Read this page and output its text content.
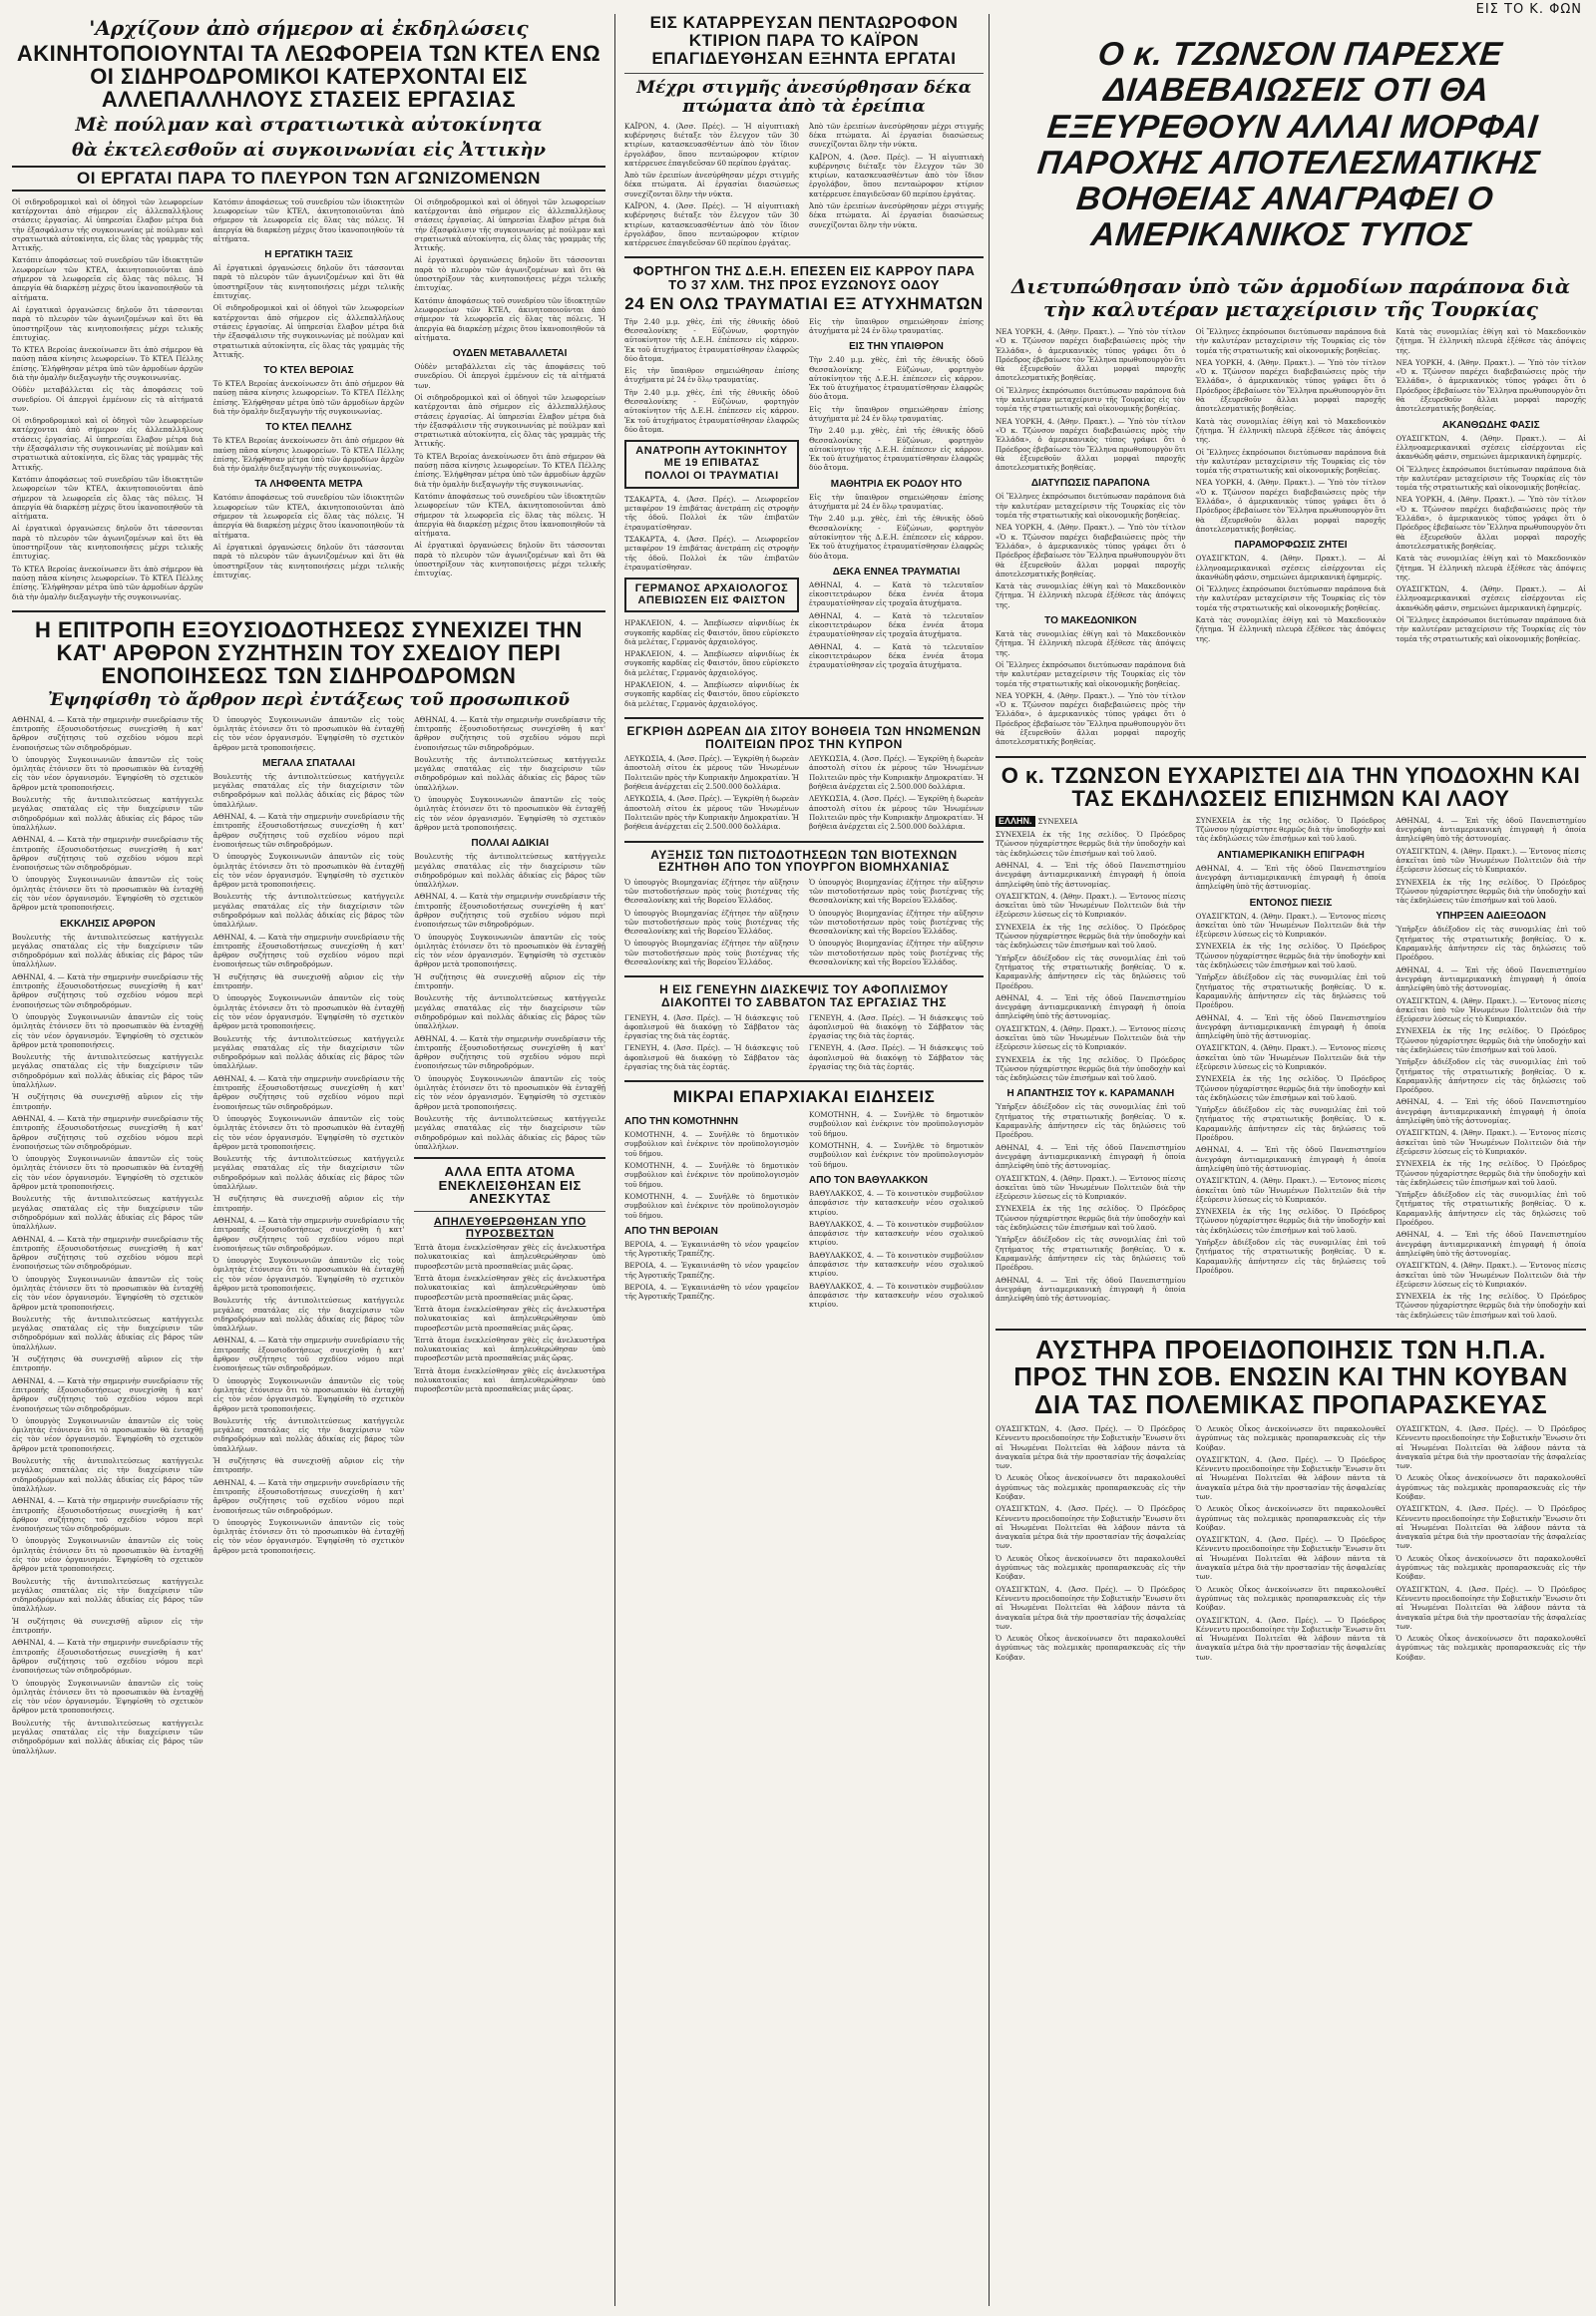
ΕΙΣ ΤΟ Κ. ΦΩΝ
'Αρχίζουν ἀπὸ σήμερον αἱ ἐκδηλώσεις
ΑΚΙΝΗΤΟΠΟΙΟΥΝΤΑΙ ΤΑ ΛΕΩΦΟΡΕΙΑ ΤΩΝ ΚΤΕΛ ΕΝΩ ΟΙ ΣΙΔΗΡΟΔΡΟΜΙΚΟΙ ΚΑΤΕΡΧΟΝΤΑΙ ΕΙΣ ΑΛΛΕΠΑΛΛΗΛΟΥΣ ΣΤΑΣΕΙΣ ΕΡΓΑΣΙΑΣ
Μὲ πούλμαν καὶ στρατιωτικὰ αὐτοκίνητα
θὰ ἐκτελεσθοῦν αἱ συγκοινωνίαι εἰς Ἀττικὴν
ΟΙ ΕΡΓΑΤΑΙ ΠΑΡΑ ΤΟ ΠΛΕΥΡΟΝ ΤΩΝ ΑΓΩΝΙΖΟΜΕΝΩΝ

Οἱ σιδηροδρομικοὶ καὶ οἱ ὁδηγοὶ τῶν λεωφορείων κατέρχονται ἀπὸ σήμερον εἰς ἀλλεπαλλήλους στάσεις ἐργασίας. Αἱ ὑπηρεσίαι ἔλαβον μέτρα διὰ τὴν ἐξασφάλισιν τῆς συγκοινωνίας μὲ πούλμαν καὶ στρατιωτικὰ αὐτοκίνητα, εἰς ὅλας τὰς γραμμὰς τῆς Ἀττικῆς.

Κατόπιν ἀποφάσεως τοῦ συνεδρίου τῶν ἰδιοκτητῶν λεωφορείων τῶν ΚΤΕΛ, ἀκινητοποιοῦνται ἀπὸ σήμερον τὰ λεωφορεῖα εἰς ὅλας τὰς πόλεις. Ἡ ἀπεργία θὰ διαρκέσῃ μέχρις ὅτου ἱκανοποιηθοῦν τὰ αἰτήματα.

Αἱ ἐργατικαὶ ὀργανώσεις δηλοῦν ὅτι τάσσονται παρὰ τὸ πλευρὸν τῶν ἀγωνιζομένων καὶ ὅτι θὰ ὑποστηρίξουν τὰς κινητοποιήσεις μέχρι τελικῆς ἐπιτυχίας.

Τὸ ΚΤΕΛ Βεροίας ἀνεκοίνωσεν ὅτι ἀπὸ σήμερον θὰ παύσῃ πᾶσα κίνησις λεωφορείων. Τὸ ΚΤΕΛ Πέλλης ἐπίσης. Ἐλήφθησαν μέτρα ὑπὸ τῶν ἀρμοδίων ἀρχῶν διὰ τὴν ὁμαλὴν διεξαγωγὴν τῆς συγκοινωνίας.

Οὐδὲν μεταβάλλεται εἰς τὰς ἀποφάσεις τοῦ συνεδρίου. Οἱ ἀπεργοὶ ἐμμένουν εἰς τὰ αἰτήματά των.

Οἱ σιδηροδρομικοὶ καὶ οἱ ὁδηγοὶ τῶν λεωφορείων κατέρχονται ἀπὸ σήμερον εἰς ἀλλεπαλλήλους στάσεις ἐργασίας. Αἱ ὑπηρεσίαι ἔλαβον μέτρα διὰ τὴν ἐξασφάλισιν τῆς συγκοινωνίας μὲ πούλμαν καὶ στρατιωτικὰ αὐτοκίνητα, εἰς ὅλας τὰς γραμμὰς τῆς Ἀττικῆς.

Κατόπιν ἀποφάσεως τοῦ συνεδρίου τῶν ἰδιοκτητῶν λεωφορείων τῶν ΚΤΕΛ, ἀκινητοποιοῦνται ἀπὸ σήμερον τὰ λεωφορεῖα εἰς ὅλας τὰς πόλεις. Ἡ ἀπεργία θὰ διαρκέσῃ μέχρις ὅτου ἱκανοποιηθοῦν τὰ αἰτήματα.

Αἱ ἐργατικαὶ ὀργανώσεις δηλοῦν ὅτι τάσσονται παρὰ τὸ πλευρὸν τῶν ἀγωνιζομένων καὶ ὅτι θὰ ὑποστηρίξουν τὰς κινητοποιήσεις μέχρι τελικῆς ἐπιτυχίας.

Τὸ ΚΤΕΛ Βεροίας ἀνεκοίνωσεν ὅτι ἀπὸ σήμερον θὰ παύσῃ πᾶσα κίνησις λεωφορείων. Τὸ ΚΤΕΛ Πέλλης ἐπίσης. Ἐλήφθησαν μέτρα ὑπὸ τῶν ἀρμοδίων ἀρχῶν διὰ τὴν ὁμαλὴν διεξαγωγὴν τῆς συγκοινωνίας.

Κατόπιν ἀποφάσεως τοῦ συνεδρίου τῶν ἰδιοκτητῶν λεωφορείων τῶν ΚΤΕΛ, ἀκινητοποιοῦνται ἀπὸ σήμερον τὰ λεωφορεῖα εἰς ὅλας τὰς πόλεις. Ἡ ἀπεργία θὰ διαρκέσῃ μέχρις ὅτου ἱκανοποιηθοῦν τὰ αἰτήματα.

Η ΕΡΓΑΤΙΚΗ ΤΑΞΙΣ

Αἱ ἐργατικαὶ ὀργανώσεις δηλοῦν ὅτι τάσσονται παρὰ τὸ πλευρὸν τῶν ἀγωνιζομένων καὶ ὅτι θὰ ὑποστηρίξουν τὰς κινητοποιήσεις μέχρι τελικῆς ἐπιτυχίας.

Οἱ σιδηροδρομικοὶ καὶ οἱ ὁδηγοὶ τῶν λεωφορείων κατέρχονται ἀπὸ σήμερον εἰς ἀλλεπαλλήλους στάσεις ἐργασίας. Αἱ ὑπηρεσίαι ἔλαβον μέτρα διὰ τὴν ἐξασφάλισιν τῆς συγκοινωνίας μὲ πούλμαν καὶ στρατιωτικὰ αὐτοκίνητα, εἰς ὅλας τὰς γραμμὰς τῆς Ἀττικῆς.

ΤΟ ΚΤΕΛ ΒΕΡΟΙΑΣ

Τὸ ΚΤΕΛ Βεροίας ἀνεκοίνωσεν ὅτι ἀπὸ σήμερον θὰ παύσῃ πᾶσα κίνησις λεωφορείων. Τὸ ΚΤΕΛ Πέλλης ἐπίσης. Ἐλήφθησαν μέτρα ὑπὸ τῶν ἀρμοδίων ἀρχῶν διὰ τὴν ὁμαλὴν διεξαγωγὴν τῆς συγκοινωνίας.

ΤΟ ΚΤΕΛ ΠΕΛΛΗΣ

Τὸ ΚΤΕΛ Βεροίας ἀνεκοίνωσεν ὅτι ἀπὸ σήμερον θὰ παύσῃ πᾶσα κίνησις λεωφορείων. Τὸ ΚΤΕΛ Πέλλης ἐπίσης. Ἐλήφθησαν μέτρα ὑπὸ τῶν ἀρμοδίων ἀρχῶν διὰ τὴν ὁμαλὴν διεξαγωγὴν τῆς συγκοινωνίας.

ΤΑ ΛΗΦΘΕΝΤΑ ΜΕΤΡΑ

Κατόπιν ἀποφάσεως τοῦ συνεδρίου τῶν ἰδιοκτητῶν λεωφορείων τῶν ΚΤΕΛ, ἀκινητοποιοῦνται ἀπὸ σήμερον τὰ λεωφορεῖα εἰς ὅλας τὰς πόλεις. Ἡ ἀπεργία θὰ διαρκέσῃ μέχρις ὅτου ἱκανοποιηθοῦν τὰ αἰτήματα.

Αἱ ἐργατικαὶ ὀργανώσεις δηλοῦν ὅτι τάσσονται παρὰ τὸ πλευρὸν τῶν ἀγωνιζομένων καὶ ὅτι θὰ ὑποστηρίξουν τὰς κινητοποιήσεις μέχρι τελικῆς ἐπιτυχίας.

Οἱ σιδηροδρομικοὶ καὶ οἱ ὁδηγοὶ τῶν λεωφορείων κατέρχονται ἀπὸ σήμερον εἰς ἀλλεπαλλήλους στάσεις ἐργασίας. Αἱ ὑπηρεσίαι ἔλαβον μέτρα διὰ τὴν ἐξασφάλισιν τῆς συγκοινωνίας μὲ πούλμαν καὶ στρατιωτικὰ αὐτοκίνητα, εἰς ὅλας τὰς γραμμὰς τῆς Ἀττικῆς.

Αἱ ἐργατικαὶ ὀργανώσεις δηλοῦν ὅτι τάσσονται παρὰ τὸ πλευρὸν τῶν ἀγωνιζομένων καὶ ὅτι θὰ ὑποστηρίξουν τὰς κινητοποιήσεις μέχρι τελικῆς ἐπιτυχίας.

Κατόπιν ἀποφάσεως τοῦ συνεδρίου τῶν ἰδιοκτητῶν λεωφορείων τῶν ΚΤΕΛ, ἀκινητοποιοῦνται ἀπὸ σήμερον τὰ λεωφορεῖα εἰς ὅλας τὰς πόλεις. Ἡ ἀπεργία θὰ διαρκέσῃ μέχρις ὅτου ἱκανοποιηθοῦν τὰ αἰτήματα.

ΟΥΔΕΝ ΜΕΤΑΒΑΛΛΕΤΑΙ

Οὐδὲν μεταβάλλεται εἰς τὰς ἀποφάσεις τοῦ συνεδρίου. Οἱ ἀπεργοὶ ἐμμένουν εἰς τὰ αἰτήματά των.

Οἱ σιδηροδρομικοὶ καὶ οἱ ὁδηγοὶ τῶν λεωφορείων κατέρχονται ἀπὸ σήμερον εἰς ἀλλεπαλλήλους στάσεις ἐργασίας. Αἱ ὑπηρεσίαι ἔλαβον μέτρα διὰ τὴν ἐξασφάλισιν τῆς συγκοινωνίας μὲ πούλμαν καὶ στρατιωτικὰ αὐτοκίνητα, εἰς ὅλας τὰς γραμμὰς τῆς Ἀττικῆς.

Τὸ ΚΤΕΛ Βεροίας ἀνεκοίνωσεν ὅτι ἀπὸ σήμερον θὰ παύσῃ πᾶσα κίνησις λεωφορείων. Τὸ ΚΤΕΛ Πέλλης ἐπίσης. Ἐλήφθησαν μέτρα ὑπὸ τῶν ἀρμοδίων ἀρχῶν διὰ τὴν ὁμαλὴν διεξαγωγὴν τῆς συγκοινωνίας.

Κατόπιν ἀποφάσεως τοῦ συνεδρίου τῶν ἰδιοκτητῶν λεωφορείων τῶν ΚΤΕΛ, ἀκινητοποιοῦνται ἀπὸ σήμερον τὰ λεωφορεῖα εἰς ὅλας τὰς πόλεις. Ἡ ἀπεργία θὰ διαρκέσῃ μέχρις ὅτου ἱκανοποιηθοῦν τὰ αἰτήματα.

Αἱ ἐργατικαὶ ὀργανώσεις δηλοῦν ὅτι τάσσονται παρὰ τὸ πλευρὸν τῶν ἀγωνιζομένων καὶ ὅτι θὰ ὑποστηρίξουν τὰς κινητοποιήσεις μέχρι τελικῆς ἐπιτυχίας.

Η ΕΠΙΤΡΟΠΗ ΕΞΟΥΣΙΟΔΟΤΗΣΕΩΣ ΣΥΝΕΧΙΖΕΙ ΤΗΝ ΚΑΤ' ΑΡΘΡΟΝ ΣΥΖΗΤΗΣΙΝ ΤΟΥ ΣΧΕΔΙΟΥ ΠΕΡΙ ΕΝΟΠΟΙΗΣΕΩΣ ΤΩΝ ΣΙΔΗΡΟΔΡΟΜΩΝ
Ἐψηφίσθη τὸ ἄρθρον περὶ ἐντάξεως τοῦ προσωπικοῦ

ΑΘΗΝΑΙ, 4. — Κατὰ τὴν σημερινὴν συνεδρίασιν τῆς ἐπιτροπῆς ἐξουσιοδοτήσεως συνεχίσθη ἡ κατ' ἄρθρον συζήτησις τοῦ σχεδίου νόμου περὶ ἑνοποιήσεως τῶν σιδηροδρόμων.

Ὁ ὑπουργὸς Συγκοινωνιῶν ἀπαντῶν εἰς τοὺς ὁμιλητὰς ἐτόνισεν ὅτι τὸ προσωπικὸν θὰ ἐνταχθῇ εἰς τὸν νέον ὀργανισμόν. Ἐψηφίσθη τὸ σχετικὸν ἄρθρον μετὰ τροποποιήσεις.

Βουλευτὴς τῆς ἀντιπολιτεύσεως κατήγγειλε μεγάλας σπατάλας εἰς τὴν διαχείρισιν τῶν σιδηροδρόμων καὶ πολλὰς ἀδικίας εἰς βάρος τῶν ὑπαλλήλων.

ΑΘΗΝΑΙ, 4. — Κατὰ τὴν σημερινὴν συνεδρίασιν τῆς ἐπιτροπῆς ἐξουσιοδοτήσεως συνεχίσθη ἡ κατ' ἄρθρον συζήτησις τοῦ σχεδίου νόμου περὶ ἑνοποιήσεως τῶν σιδηροδρόμων.

Ὁ ὑπουργὸς Συγκοινωνιῶν ἀπαντῶν εἰς τοὺς ὁμιλητὰς ἐτόνισεν ὅτι τὸ προσωπικὸν θὰ ἐνταχθῇ εἰς τὸν νέον ὀργανισμόν. Ἐψηφίσθη τὸ σχετικὸν ἄρθρον μετὰ τροποποιήσεις.

ΕΚΚΛΗΣΙΣ ΑΡΘΡΟΝ

Βουλευτὴς τῆς ἀντιπολιτεύσεως κατήγγειλε μεγάλας σπατάλας εἰς τὴν διαχείρισιν τῶν σιδηροδρόμων καὶ πολλὰς ἀδικίας εἰς βάρος τῶν ὑπαλλήλων.

ΑΘΗΝΑΙ, 4. — Κατὰ τὴν σημερινὴν συνεδρίασιν τῆς ἐπιτροπῆς ἐξουσιοδοτήσεως συνεχίσθη ἡ κατ' ἄρθρον συζήτησις τοῦ σχεδίου νόμου περὶ ἑνοποιήσεως τῶν σιδηροδρόμων.

Ὁ ὑπουργὸς Συγκοινωνιῶν ἀπαντῶν εἰς τοὺς ὁμιλητὰς ἐτόνισεν ὅτι τὸ προσωπικὸν θὰ ἐνταχθῇ εἰς τὸν νέον ὀργανισμόν. Ἐψηφίσθη τὸ σχετικὸν ἄρθρον μετὰ τροποποιήσεις.

Βουλευτὴς τῆς ἀντιπολιτεύσεως κατήγγειλε μεγάλας σπατάλας εἰς τὴν διαχείρισιν τῶν σιδηροδρόμων καὶ πολλὰς ἀδικίας εἰς βάρος τῶν ὑπαλλήλων.

Ἡ συζήτησις θὰ συνεχισθῇ αὔριον εἰς τὴν ἐπιτροπήν.

ΑΘΗΝΑΙ, 4. — Κατὰ τὴν σημερινὴν συνεδρίασιν τῆς ἐπιτροπῆς ἐξουσιοδοτήσεως συνεχίσθη ἡ κατ' ἄρθρον συζήτησις τοῦ σχεδίου νόμου περὶ ἑνοποιήσεως τῶν σιδηροδρόμων.

Ὁ ὑπουργὸς Συγκοινωνιῶν ἀπαντῶν εἰς τοὺς ὁμιλητὰς ἐτόνισεν ὅτι τὸ προσωπικὸν θὰ ἐνταχθῇ εἰς τὸν νέον ὀργανισμόν. Ἐψηφίσθη τὸ σχετικὸν ἄρθρον μετὰ τροποποιήσεις.

Βουλευτὴς τῆς ἀντιπολιτεύσεως κατήγγειλε μεγάλας σπατάλας εἰς τὴν διαχείρισιν τῶν σιδηροδρόμων καὶ πολλὰς ἀδικίας εἰς βάρος τῶν ὑπαλλήλων.

ΑΘΗΝΑΙ, 4. — Κατὰ τὴν σημερινὴν συνεδρίασιν τῆς ἐπιτροπῆς ἐξουσιοδοτήσεως συνεχίσθη ἡ κατ' ἄρθρον συζήτησις τοῦ σχεδίου νόμου περὶ ἑνοποιήσεως τῶν σιδηροδρόμων.

Ὁ ὑπουργὸς Συγκοινωνιῶν ἀπαντῶν εἰς τοὺς ὁμιλητὰς ἐτόνισεν ὅτι τὸ προσωπικὸν θὰ ἐνταχθῇ εἰς τὸν νέον ὀργανισμόν. Ἐψηφίσθη τὸ σχετικὸν ἄρθρον μετὰ τροποποιήσεις.

Βουλευτὴς τῆς ἀντιπολιτεύσεως κατήγγειλε μεγάλας σπατάλας εἰς τὴν διαχείρισιν τῶν σιδηροδρόμων καὶ πολλὰς ἀδικίας εἰς βάρος τῶν ὑπαλλήλων.

Ἡ συζήτησις θὰ συνεχισθῇ αὔριον εἰς τὴν ἐπιτροπήν.

ΑΘΗΝΑΙ, 4. — Κατὰ τὴν σημερινὴν συνεδρίασιν τῆς ἐπιτροπῆς ἐξουσιοδοτήσεως συνεχίσθη ἡ κατ' ἄρθρον συζήτησις τοῦ σχεδίου νόμου περὶ ἑνοποιήσεως τῶν σιδηροδρόμων.

Ὁ ὑπουργὸς Συγκοινωνιῶν ἀπαντῶν εἰς τοὺς ὁμιλητὰς ἐτόνισεν ὅτι τὸ προσωπικὸν θὰ ἐνταχθῇ εἰς τὸν νέον ὀργανισμόν. Ἐψηφίσθη τὸ σχετικὸν ἄρθρον μετὰ τροποποιήσεις.

Βουλευτὴς τῆς ἀντιπολιτεύσεως κατήγγειλε μεγάλας σπατάλας εἰς τὴν διαχείρισιν τῶν σιδηροδρόμων καὶ πολλὰς ἀδικίας εἰς βάρος τῶν ὑπαλλήλων.

ΑΘΗΝΑΙ, 4. — Κατὰ τὴν σημερινὴν συνεδρίασιν τῆς ἐπιτροπῆς ἐξουσιοδοτήσεως συνεχίσθη ἡ κατ' ἄρθρον συζήτησις τοῦ σχεδίου νόμου περὶ ἑνοποιήσεως τῶν σιδηροδρόμων.

Ὁ ὑπουργὸς Συγκοινωνιῶν ἀπαντῶν εἰς τοὺς ὁμιλητὰς ἐτόνισεν ὅτι τὸ προσωπικὸν θὰ ἐνταχθῇ εἰς τὸν νέον ὀργανισμόν. Ἐψηφίσθη τὸ σχετικὸν ἄρθρον μετὰ τροποποιήσεις.

Βουλευτὴς τῆς ἀντιπολιτεύσεως κατήγγειλε μεγάλας σπατάλας εἰς τὴν διαχείρισιν τῶν σιδηροδρόμων καὶ πολλὰς ἀδικίας εἰς βάρος τῶν ὑπαλλήλων.

Ἡ συζήτησις θὰ συνεχισθῇ αὔριον εἰς τὴν ἐπιτροπήν.

ΑΘΗΝΑΙ, 4. — Κατὰ τὴν σημερινὴν συνεδρίασιν τῆς ἐπιτροπῆς ἐξουσιοδοτήσεως συνεχίσθη ἡ κατ' ἄρθρον συζήτησις τοῦ σχεδίου νόμου περὶ ἑνοποιήσεως τῶν σιδηροδρόμων.

Ὁ ὑπουργὸς Συγκοινωνιῶν ἀπαντῶν εἰς τοὺς ὁμιλητὰς ἐτόνισεν ὅτι τὸ προσωπικὸν θὰ ἐνταχθῇ εἰς τὸν νέον ὀργανισμόν. Ἐψηφίσθη τὸ σχετικὸν ἄρθρον μετὰ τροποποιήσεις.

Βουλευτὴς τῆς ἀντιπολιτεύσεως κατήγγειλε μεγάλας σπατάλας εἰς τὴν διαχείρισιν τῶν σιδηροδρόμων καὶ πολλὰς ἀδικίας εἰς βάρος τῶν ὑπαλλήλων.

Ὁ ὑπουργὸς Συγκοινωνιῶν ἀπαντῶν εἰς τοὺς ὁμιλητὰς ἐτόνισεν ὅτι τὸ προσωπικὸν θὰ ἐνταχθῇ εἰς τὸν νέον ὀργανισμόν. Ἐψηφίσθη τὸ σχετικὸν ἄρθρον μετὰ τροποποιήσεις.

ΜΕΓΑΛΑ ΣΠΑΤΑΛΑΙ

Βουλευτὴς τῆς ἀντιπολιτεύσεως κατήγγειλε μεγάλας σπατάλας εἰς τὴν διαχείρισιν τῶν σιδηροδρόμων καὶ πολλὰς ἀδικίας εἰς βάρος τῶν ὑπαλλήλων.

ΑΘΗΝΑΙ, 4. — Κατὰ τὴν σημερινὴν συνεδρίασιν τῆς ἐπιτροπῆς ἐξουσιοδοτήσεως συνεχίσθη ἡ κατ' ἄρθρον συζήτησις τοῦ σχεδίου νόμου περὶ ἑνοποιήσεως τῶν σιδηροδρόμων.

Ὁ ὑπουργὸς Συγκοινωνιῶν ἀπαντῶν εἰς τοὺς ὁμιλητὰς ἐτόνισεν ὅτι τὸ προσωπικὸν θὰ ἐνταχθῇ εἰς τὸν νέον ὀργανισμόν. Ἐψηφίσθη τὸ σχετικὸν ἄρθρον μετὰ τροποποιήσεις.

Βουλευτὴς τῆς ἀντιπολιτεύσεως κατήγγειλε μεγάλας σπατάλας εἰς τὴν διαχείρισιν τῶν σιδηροδρόμων καὶ πολλὰς ἀδικίας εἰς βάρος τῶν ὑπαλλήλων.

ΑΘΗΝΑΙ, 4. — Κατὰ τὴν σημερινὴν συνεδρίασιν τῆς ἐπιτροπῆς ἐξουσιοδοτήσεως συνεχίσθη ἡ κατ' ἄρθρον συζήτησις τοῦ σχεδίου νόμου περὶ ἑνοποιήσεως τῶν σιδηροδρόμων.

Ἡ συζήτησις θὰ συνεχισθῇ αὔριον εἰς τὴν ἐπιτροπήν.

Ὁ ὑπουργὸς Συγκοινωνιῶν ἀπαντῶν εἰς τοὺς ὁμιλητὰς ἐτόνισεν ὅτι τὸ προσωπικὸν θὰ ἐνταχθῇ εἰς τὸν νέον ὀργανισμόν. Ἐψηφίσθη τὸ σχετικὸν ἄρθρον μετὰ τροποποιήσεις.

Βουλευτὴς τῆς ἀντιπολιτεύσεως κατήγγειλε μεγάλας σπατάλας εἰς τὴν διαχείρισιν τῶν σιδηροδρόμων καὶ πολλὰς ἀδικίας εἰς βάρος τῶν ὑπαλλήλων.

ΑΘΗΝΑΙ, 4. — Κατὰ τὴν σημερινὴν συνεδρίασιν τῆς ἐπιτροπῆς ἐξουσιοδοτήσεως συνεχίσθη ἡ κατ' ἄρθρον συζήτησις τοῦ σχεδίου νόμου περὶ ἑνοποιήσεως τῶν σιδηροδρόμων.

Ὁ ὑπουργὸς Συγκοινωνιῶν ἀπαντῶν εἰς τοὺς ὁμιλητὰς ἐτόνισεν ὅτι τὸ προσωπικὸν θὰ ἐνταχθῇ εἰς τὸν νέον ὀργανισμόν. Ἐψηφίσθη τὸ σχετικὸν ἄρθρον μετὰ τροποποιήσεις.

Βουλευτὴς τῆς ἀντιπολιτεύσεως κατήγγειλε μεγάλας σπατάλας εἰς τὴν διαχείρισιν τῶν σιδηροδρόμων καὶ πολλὰς ἀδικίας εἰς βάρος τῶν ὑπαλλήλων.

Ἡ συζήτησις θὰ συνεχισθῇ αὔριον εἰς τὴν ἐπιτροπήν.

ΑΘΗΝΑΙ, 4. — Κατὰ τὴν σημερινὴν συνεδρίασιν τῆς ἐπιτροπῆς ἐξουσιοδοτήσεως συνεχίσθη ἡ κατ' ἄρθρον συζήτησις τοῦ σχεδίου νόμου περὶ ἑνοποιήσεως τῶν σιδηροδρόμων.

Ὁ ὑπουργὸς Συγκοινωνιῶν ἀπαντῶν εἰς τοὺς ὁμιλητὰς ἐτόνισεν ὅτι τὸ προσωπικὸν θὰ ἐνταχθῇ εἰς τὸν νέον ὀργανισμόν. Ἐψηφίσθη τὸ σχετικὸν ἄρθρον μετὰ τροποποιήσεις.

Βουλευτὴς τῆς ἀντιπολιτεύσεως κατήγγειλε μεγάλας σπατάλας εἰς τὴν διαχείρισιν τῶν σιδηροδρόμων καὶ πολλὰς ἀδικίας εἰς βάρος τῶν ὑπαλλήλων.

ΑΘΗΝΑΙ, 4. — Κατὰ τὴν σημερινὴν συνεδρίασιν τῆς ἐπιτροπῆς ἐξουσιοδοτήσεως συνεχίσθη ἡ κατ' ἄρθρον συζήτησις τοῦ σχεδίου νόμου περὶ ἑνοποιήσεως τῶν σιδηροδρόμων.

Ὁ ὑπουργὸς Συγκοινωνιῶν ἀπαντῶν εἰς τοὺς ὁμιλητὰς ἐτόνισεν ὅτι τὸ προσωπικὸν θὰ ἐνταχθῇ εἰς τὸν νέον ὀργανισμόν. Ἐψηφίσθη τὸ σχετικὸν ἄρθρον μετὰ τροποποιήσεις.

Βουλευτὴς τῆς ἀντιπολιτεύσεως κατήγγειλε μεγάλας σπατάλας εἰς τὴν διαχείρισιν τῶν σιδηροδρόμων καὶ πολλὰς ἀδικίας εἰς βάρος τῶν ὑπαλλήλων.

Ἡ συζήτησις θὰ συνεχισθῇ αὔριον εἰς τὴν ἐπιτροπήν.

ΑΘΗΝΑΙ, 4. — Κατὰ τὴν σημερινὴν συνεδρίασιν τῆς ἐπιτροπῆς ἐξουσιοδοτήσεως συνεχίσθη ἡ κατ' ἄρθρον συζήτησις τοῦ σχεδίου νόμου περὶ ἑνοποιήσεως τῶν σιδηροδρόμων.

Ὁ ὑπουργὸς Συγκοινωνιῶν ἀπαντῶν εἰς τοὺς ὁμιλητὰς ἐτόνισεν ὅτι τὸ προσωπικὸν θὰ ἐνταχθῇ εἰς τὸν νέον ὀργανισμόν. Ἐψηφίσθη τὸ σχετικὸν ἄρθρον μετὰ τροποποιήσεις.

ΑΘΗΝΑΙ, 4. — Κατὰ τὴν σημερινὴν συνεδρίασιν τῆς ἐπιτροπῆς ἐξουσιοδοτήσεως συνεχίσθη ἡ κατ' ἄρθρον συζήτησις τοῦ σχεδίου νόμου περὶ ἑνοποιήσεως τῶν σιδηροδρόμων.

Βουλευτὴς τῆς ἀντιπολιτεύσεως κατήγγειλε μεγάλας σπατάλας εἰς τὴν διαχείρισιν τῶν σιδηροδρόμων καὶ πολλὰς ἀδικίας εἰς βάρος τῶν ὑπαλλήλων.

Ὁ ὑπουργὸς Συγκοινωνιῶν ἀπαντῶν εἰς τοὺς ὁμιλητὰς ἐτόνισεν ὅτι τὸ προσωπικὸν θὰ ἐνταχθῇ εἰς τὸν νέον ὀργανισμόν. Ἐψηφίσθη τὸ σχετικὸν ἄρθρον μετὰ τροποποιήσεις.

ΠΟΛΛΑΙ ΑΔΙΚΙΑΙ

Βουλευτὴς τῆς ἀντιπολιτεύσεως κατήγγειλε μεγάλας σπατάλας εἰς τὴν διαχείρισιν τῶν σιδηροδρόμων καὶ πολλὰς ἀδικίας εἰς βάρος τῶν ὑπαλλήλων.

ΑΘΗΝΑΙ, 4. — Κατὰ τὴν σημερινὴν συνεδρίασιν τῆς ἐπιτροπῆς ἐξουσιοδοτήσεως συνεχίσθη ἡ κατ' ἄρθρον συζήτησις τοῦ σχεδίου νόμου περὶ ἑνοποιήσεως τῶν σιδηροδρόμων.

Ὁ ὑπουργὸς Συγκοινωνιῶν ἀπαντῶν εἰς τοὺς ὁμιλητὰς ἐτόνισεν ὅτι τὸ προσωπικὸν θὰ ἐνταχθῇ εἰς τὸν νέον ὀργανισμόν. Ἐψηφίσθη τὸ σχετικὸν ἄρθρον μετὰ τροποποιήσεις.

Ἡ συζήτησις θὰ συνεχισθῇ αὔριον εἰς τὴν ἐπιτροπήν.

Βουλευτὴς τῆς ἀντιπολιτεύσεως κατήγγειλε μεγάλας σπατάλας εἰς τὴν διαχείρισιν τῶν σιδηροδρόμων καὶ πολλὰς ἀδικίας εἰς βάρος τῶν ὑπαλλήλων.

ΑΘΗΝΑΙ, 4. — Κατὰ τὴν σημερινὴν συνεδρίασιν τῆς ἐπιτροπῆς ἐξουσιοδοτήσεως συνεχίσθη ἡ κατ' ἄρθρον συζήτησις τοῦ σχεδίου νόμου περὶ ἑνοποιήσεως τῶν σιδηροδρόμων.

Ὁ ὑπουργὸς Συγκοινωνιῶν ἀπαντῶν εἰς τοὺς ὁμιλητὰς ἐτόνισεν ὅτι τὸ προσωπικὸν θὰ ἐνταχθῇ εἰς τὸν νέον ὀργανισμόν. Ἐψηφίσθη τὸ σχετικὸν ἄρθρον μετὰ τροποποιήσεις.

Βουλευτὴς τῆς ἀντιπολιτεύσεως κατήγγειλε μεγάλας σπατάλας εἰς τὴν διαχείρισιν τῶν σιδηροδρόμων καὶ πολλὰς ἀδικίας εἰς βάρος τῶν ὑπαλλήλων.

ΑΛΛΑ ΕΠΤΑ ΑΤΟΜΑ ΕΝΕΚΛΕΙΣΘΗΣΑΝ ΕΙΣ ΑΝΕΣΚΥΤΑΣ
ΑΠΗΛΕΥΘΕΡΩΘΗΣΑΝ ΥΠΟ ΠΥΡΟΣΒΕΣΤΩΝ

Ἐπτὰ ἄτομα ἐνεκλείσθησαν χθὲς εἰς ἀνελκυστῆρα πολυκατοικίας καὶ ἀπηλευθερώθησαν ὑπὸ πυροσβεστῶν μετὰ προσπαθείας μιᾶς ὥρας.

Ἐπτὰ ἄτομα ἐνεκλείσθησαν χθὲς εἰς ἀνελκυστῆρα πολυκατοικίας καὶ ἀπηλευθερώθησαν ὑπὸ πυροσβεστῶν μετὰ προσπαθείας μιᾶς ὥρας.

Ἐπτὰ ἄτομα ἐνεκλείσθησαν χθὲς εἰς ἀνελκυστῆρα πολυκατοικίας καὶ ἀπηλευθερώθησαν ὑπὸ πυροσβεστῶν μετὰ προσπαθείας μιᾶς ὥρας.

Ἐπτὰ ἄτομα ἐνεκλείσθησαν χθὲς εἰς ἀνελκυστῆρα πολυκατοικίας καὶ ἀπηλευθερώθησαν ὑπὸ πυροσβεστῶν μετὰ προσπαθείας μιᾶς ὥρας.

Ἐπτὰ ἄτομα ἐνεκλείσθησαν χθὲς εἰς ἀνελκυστῆρα πολυκατοικίας καὶ ἀπηλευθερώθησαν ὑπὸ πυροσβεστῶν μετὰ προσπαθείας μιᾶς ὥρας.

ΕΙΣ ΚΑΤΑΡΡΕΥΣΑΝ ΠΕΝΤΑΩΡΟΦΟΝ ΚΤΙΡΙΟΝ ΠΑΡΑ ΤΟ ΚΑΪΡΟΝ ΕΠΑΓΙΔΕΥΘΗΣΑΝ ΕΞΗΝΤΑ ΕΡΓΑΤΑΙ
Μέχρι στιγμῆς ἀνεσύρθησαν δέκα πτώματα ἀπὸ τὰ ἐρείπια

ΚΑΪΡΟΝ, 4. (Ἀσσ. Πρές). — Ἡ αἰγυπτιακὴ κυβέρνησις διέταξε τὸν ἔλεγχον τῶν 30 κτιρίων, κατασκευασθέντων ἀπὸ τὸν ἴδιον ἐργολάβον, ὅπου πενταώροφον κτίριον κατέρρευσε ἐπαγιδεῦσαν 60 περίπου ἐργάτας.

Ἀπὸ τῶν ἐρειπίων ἀνεσύρθησαν μέχρι στιγμῆς δέκα πτώματα. Αἱ ἐργασίαι διασώσεως συνεχίζονται ὅλην τὴν νύκτα.

ΚΑΪΡΟΝ, 4. (Ἀσσ. Πρές). — Ἡ αἰγυπτιακὴ κυβέρνησις διέταξε τὸν ἔλεγχον τῶν 30 κτιρίων, κατασκευασθέντων ἀπὸ τὸν ἴδιον ἐργολάβον, ὅπου πενταώροφον κτίριον κατέρρευσε ἐπαγιδεῦσαν 60 περίπου ἐργάτας.

Ἀπὸ τῶν ἐρειπίων ἀνεσύρθησαν μέχρι στιγμῆς δέκα πτώματα. Αἱ ἐργασίαι διασώσεως συνεχίζονται ὅλην τὴν νύκτα.

ΚΑΪΡΟΝ, 4. (Ἀσσ. Πρές). — Ἡ αἰγυπτιακὴ κυβέρνησις διέταξε τὸν ἔλεγχον τῶν 30 κτιρίων, κατασκευασθέντων ἀπὸ τὸν ἴδιον ἐργολάβον, ὅπου πενταώροφον κτίριον κατέρρευσε ἐπαγιδεῦσαν 60 περίπου ἐργάτας.

Ἀπὸ τῶν ἐρειπίων ἀνεσύρθησαν μέχρι στιγμῆς δέκα πτώματα. Αἱ ἐργασίαι διασώσεως συνεχίζονται ὅλην τὴν νύκτα.

ΦΟΡΤΗΓΟΝ ΤΗΣ Δ.Ε.Η. ΕΠΕΣΕΝ ΕΙΣ ΚΑΡΡΟΥ ΠΑΡΑ ΤΟ 37 ΧΛΜ. ΤΗΣ ΠΡΟΣ ΕΥΖΩΝΟΥΣ ΟΔΟΥ
24 ΕΝ ΟΛΩ ΤΡΑΥΜΑΤΙΑΙ ΕΞ ΑΤΥΧΗΜΑΤΩΝ

Τὴν 2.40 μ.μ. χθὲς, ἐπὶ τῆς ἐθνικῆς ὁδοῦ Θεσσαλονίκης - Εὐζώνων, φορτηγὸν αὐτοκίνητον τῆς Δ.Ε.Η. ἐπέπεσεν εἰς κάρρον. Ἐκ τοῦ ἀτυχήματος ἐτραυματίσθησαν ἐλαφρῶς δύο ἄτομα.

Εἰς τὴν ὕπαιθρον σημειώθησαν ἐπίσης ἀτυχήματα μὲ 24 ἐν ὅλῳ τραυματίας.

Τὴν 2.40 μ.μ. χθὲς, ἐπὶ τῆς ἐθνικῆς ὁδοῦ Θεσσαλονίκης - Εὐζώνων, φορτηγὸν αὐτοκίνητον τῆς Δ.Ε.Η. ἐπέπεσεν εἰς κάρρον. Ἐκ τοῦ ἀτυχήματος ἐτραυματίσθησαν ἐλαφρῶς δύο ἄτομα.

ΑΝΑΤΡΟΠΗ ΑΥΤΟΚΙΝΗΤΟΥ ΜΕ 19 ΕΠΙΒΑΤΑΣ
ΠΟΛΛΟΙ ΟΙ ΤΡΑΥΜΑΤΙΑΙ

ΤΣΑΚΑΡΤΑ, 4. (Ἀσσ. Πρές). — Λεωφορεῖον μεταφέρον 19 ἐπιβάτας ἀνετράπη εἰς στροφὴν τῆς ὁδοῦ. Πολλοὶ ἐκ τῶν ἐπιβατῶν ἐτραυματίσθησαν.

ΤΣΑΚΑΡΤΑ, 4. (Ἀσσ. Πρές). — Λεωφορεῖον μεταφέρον 19 ἐπιβάτας ἀνετράπη εἰς στροφὴν τῆς ὁδοῦ. Πολλοὶ ἐκ τῶν ἐπιβατῶν ἐτραυματίσθησαν.

ΓΕΡΜΑΝΟΣ ΑΡΧΑΙΟΛΟΓΟΣ ΑΠΕΒΙΩΣΕΝ ΕΙΣ ΦΑΙΣΤΟΝ

ΗΡΑΚΛΕΙΟΝ, 4. — Ἀπεβίωσεν αἰφνιδίως ἐκ συγκοπῆς καρδίας εἰς Φαιστόν, ὅπου εὑρίσκετο διὰ μελέτας, Γερμανὸς ἀρχαιολόγος.

ΗΡΑΚΛΕΙΟΝ, 4. — Ἀπεβίωσεν αἰφνιδίως ἐκ συγκοπῆς καρδίας εἰς Φαιστόν, ὅπου εὑρίσκετο διὰ μελέτας, Γερμανὸς ἀρχαιολόγος.

ΗΡΑΚΛΕΙΟΝ, 4. — Ἀπεβίωσεν αἰφνιδίως ἐκ συγκοπῆς καρδίας εἰς Φαιστόν, ὅπου εὑρίσκετο διὰ μελέτας, Γερμανὸς ἀρχαιολόγος.

Εἰς τὴν ὕπαιθρον σημειώθησαν ἐπίσης ἀτυχήματα μὲ 24 ἐν ὅλῳ τραυματίας.

ΕΙΣ ΤΗΝ ΥΠΑΙΘΡΟΝ

Τὴν 2.40 μ.μ. χθὲς, ἐπὶ τῆς ἐθνικῆς ὁδοῦ Θεσσαλονίκης - Εὐζώνων, φορτηγὸν αὐτοκίνητον τῆς Δ.Ε.Η. ἐπέπεσεν εἰς κάρρον. Ἐκ τοῦ ἀτυχήματος ἐτραυματίσθησαν ἐλαφρῶς δύο ἄτομα.

Εἰς τὴν ὕπαιθρον σημειώθησαν ἐπίσης ἀτυχήματα μὲ 24 ἐν ὅλῳ τραυματίας.

Τὴν 2.40 μ.μ. χθὲς, ἐπὶ τῆς ἐθνικῆς ὁδοῦ Θεσσαλονίκης - Εὐζώνων, φορτηγὸν αὐτοκίνητον τῆς Δ.Ε.Η. ἐπέπεσεν εἰς κάρρον. Ἐκ τοῦ ἀτυχήματος ἐτραυματίσθησαν ἐλαφρῶς δύο ἄτομα.

ΜΑΘΗΤΡΙΑ ΕΚ ΡΟΔΟΥ ΗΤΟ

Εἰς τὴν ὕπαιθρον σημειώθησαν ἐπίσης ἀτυχήματα μὲ 24 ἐν ὅλῳ τραυματίας.

Τὴν 2.40 μ.μ. χθὲς, ἐπὶ τῆς ἐθνικῆς ὁδοῦ Θεσσαλονίκης - Εὐζώνων, φορτηγὸν αὐτοκίνητον τῆς Δ.Ε.Η. ἐπέπεσεν εἰς κάρρον. Ἐκ τοῦ ἀτυχήματος ἐτραυματίσθησαν ἐλαφρῶς δύο ἄτομα.

ΔΕΚΑ ΕΝΝΕΑ ΤΡΑΥΜΑΤΙΑΙ

ΑΘΗΝΑΙ, 4. — Κατὰ τὸ τελευταῖον εἰκοσιτετράωρον δέκα ἐννέα ἄτομα ἐτραυματίσθησαν εἰς τροχαῖα ἀτυχήματα.

ΑΘΗΝΑΙ, 4. — Κατὰ τὸ τελευταῖον εἰκοσιτετράωρον δέκα ἐννέα ἄτομα ἐτραυματίσθησαν εἰς τροχαῖα ἀτυχήματα.

ΑΘΗΝΑΙ, 4. — Κατὰ τὸ τελευταῖον εἰκοσιτετράωρον δέκα ἐννέα ἄτομα ἐτραυματίσθησαν εἰς τροχαῖα ἀτυχήματα.

ΕΓΚΡΙΘΗ ΔΩΡΕΑΝ ΔΙΑ ΣΙΤΟΥ ΒΟΗΘΕΙΑ ΤΩΝ ΗΝΩΜΕΝΩΝ ΠΟΛΙΤΕΙΩΝ ΠΡΟΣ ΤΗΝ ΚΥΠΡΟΝ

ΛΕΥΚΩΣΙΑ, 4. (Ἀσσ. Πρές). — Ἐγκρίθη ἡ δωρεὰν ἀποστολὴ σίτου ἐκ μέρους τῶν Ἡνωμένων Πολιτειῶν πρὸς τὴν Κυπριακὴν Δημοκρατίαν. Ἡ βοήθεια ἀνέρχεται εἰς 2.500.000 δολλάρια.

ΛΕΥΚΩΣΙΑ, 4. (Ἀσσ. Πρές). — Ἐγκρίθη ἡ δωρεὰν ἀποστολὴ σίτου ἐκ μέρους τῶν Ἡνωμένων Πολιτειῶν πρὸς τὴν Κυπριακὴν Δημοκρατίαν. Ἡ βοήθεια ἀνέρχεται εἰς 2.500.000 δολλάρια.

ΛΕΥΚΩΣΙΑ, 4. (Ἀσσ. Πρές). — Ἐγκρίθη ἡ δωρεὰν ἀποστολὴ σίτου ἐκ μέρους τῶν Ἡνωμένων Πολιτειῶν πρὸς τὴν Κυπριακὴν Δημοκρατίαν. Ἡ βοήθεια ἀνέρχεται εἰς 2.500.000 δολλάρια.

ΛΕΥΚΩΣΙΑ, 4. (Ἀσσ. Πρές). — Ἐγκρίθη ἡ δωρεὰν ἀποστολὴ σίτου ἐκ μέρους τῶν Ἡνωμένων Πολιτειῶν πρὸς τὴν Κυπριακὴν Δημοκρατίαν. Ἡ βοήθεια ἀνέρχεται εἰς 2.500.000 δολλάρια.

ΑΥΞΗΣΙΣ ΤΩΝ ΠΙΣΤΟΔΟΤΗΣΕΩΝ ΤΩΝ ΒΙΟΤΕΧΝΩΝ ΕΖΗΤΗΘΗ ΑΠΟ ΤΟΝ ΥΠΟΥΡΓΟΝ ΒΙΟΜΗΧΑΝΙΑΣ

Ὁ ὑπουργὸς Βιομηχανίας ἐζήτησε τὴν αὔξησιν τῶν πιστοδοτήσεων πρὸς τοὺς βιοτέχνας τῆς Θεσσαλονίκης καὶ τῆς Βορείου Ἑλλάδος.

Ὁ ὑπουργὸς Βιομηχανίας ἐζήτησε τὴν αὔξησιν τῶν πιστοδοτήσεων πρὸς τοὺς βιοτέχνας τῆς Θεσσαλονίκης καὶ τῆς Βορείου Ἑλλάδος.

Ὁ ὑπουργὸς Βιομηχανίας ἐζήτησε τὴν αὔξησιν τῶν πιστοδοτήσεων πρὸς τοὺς βιοτέχνας τῆς Θεσσαλονίκης καὶ τῆς Βορείου Ἑλλάδος.

Ὁ ὑπουργὸς Βιομηχανίας ἐζήτησε τὴν αὔξησιν τῶν πιστοδοτήσεων πρὸς τοὺς βιοτέχνας τῆς Θεσσαλονίκης καὶ τῆς Βορείου Ἑλλάδος.

Ὁ ὑπουργὸς Βιομηχανίας ἐζήτησε τὴν αὔξησιν τῶν πιστοδοτήσεων πρὸς τοὺς βιοτέχνας τῆς Θεσσαλονίκης καὶ τῆς Βορείου Ἑλλάδος.

Ὁ ὑπουργὸς Βιομηχανίας ἐζήτησε τὴν αὔξησιν τῶν πιστοδοτήσεων πρὸς τοὺς βιοτέχνας τῆς Θεσσαλονίκης καὶ τῆς Βορείου Ἑλλάδος.

Η ΕΙΣ ΓΕΝΕΥΗΝ ΔΙΑΣΚΕΨΙΣ ΤΟΥ ΑΦΟΠΛΙΣΜΟΥ ΔΙΑΚΟΠΤΕΙ ΤΟ ΣΑΒΒΑΤΟΝ ΤΑΣ ΕΡΓΑΣΙΑΣ ΤΗΣ

ΓΕΝΕΥΗ, 4. (Ἀσσ. Πρές). — Ἡ διάσκεψις τοῦ ἀφοπλισμοῦ θὰ διακόψῃ τὸ Σάββατον τὰς ἐργασίας της διὰ τὰς ἑορτάς.

ΓΕΝΕΥΗ, 4. (Ἀσσ. Πρές). — Ἡ διάσκεψις τοῦ ἀφοπλισμοῦ θὰ διακόψῃ τὸ Σάββατον τὰς ἐργασίας της διὰ τὰς ἑορτάς.

ΓΕΝΕΥΗ, 4. (Ἀσσ. Πρές). — Ἡ διάσκεψις τοῦ ἀφοπλισμοῦ θὰ διακόψῃ τὸ Σάββατον τὰς ἐργασίας της διὰ τὰς ἑορτάς.

ΓΕΝΕΥΗ, 4. (Ἀσσ. Πρές). — Ἡ διάσκεψις τοῦ ἀφοπλισμοῦ θὰ διακόψῃ τὸ Σάββατον τὰς ἐργασίας της διὰ τὰς ἑορτάς.

ΜΙΚΡΑΙ ΕΠΑΡΧΙΑΚΑΙ ΕΙΔΗΣΕΙΣ
ΑΠΟ ΤΗΝ ΚΟΜΟΤΗΝΗΝ

ΚΟΜΟΤΗΝΗ, 4. — Συνῆλθε τὸ δημοτικὸν συμβούλιον καὶ ἐνέκρινε τὸν προϋπολογισμὸν τοῦ δήμου.

ΚΟΜΟΤΗΝΗ, 4. — Συνῆλθε τὸ δημοτικὸν συμβούλιον καὶ ἐνέκρινε τὸν προϋπολογισμὸν τοῦ δήμου.

ΚΟΜΟΤΗΝΗ, 4. — Συνῆλθε τὸ δημοτικὸν συμβούλιον καὶ ἐνέκρινε τὸν προϋπολογισμὸν τοῦ δήμου.

ΑΠΟ ΤΗΝ ΒΕΡΟΙΑΝ

ΒΕΡΟΙΑ, 4. — Ἐγκαινιάσθη τὸ νέον γραφεῖον τῆς Ἀγροτικῆς Τραπέζης.

ΒΕΡΟΙΑ, 4. — Ἐγκαινιάσθη τὸ νέον γραφεῖον τῆς Ἀγροτικῆς Τραπέζης.

ΒΕΡΟΙΑ, 4. — Ἐγκαινιάσθη τὸ νέον γραφεῖον τῆς Ἀγροτικῆς Τραπέζης.

ΚΟΜΟΤΗΝΗ, 4. — Συνῆλθε τὸ δημοτικὸν συμβούλιον καὶ ἐνέκρινε τὸν προϋπολογισμὸν τοῦ δήμου.

ΚΟΜΟΤΗΝΗ, 4. — Συνῆλθε τὸ δημοτικὸν συμβούλιον καὶ ἐνέκρινε τὸν προϋπολογισμὸν τοῦ δήμου.

ΑΠΟ ΤΟΝ ΒΑΘΥΛΑΚΚΟΝ

ΒΑΘΥΛΑΚΚΟΣ, 4. — Τὸ κοινοτικὸν συμβούλιον ἀπεφάσισε τὴν κατασκευὴν νέου σχολικοῦ κτιρίου.

ΒΑΘΥΛΑΚΚΟΣ, 4. — Τὸ κοινοτικὸν συμβούλιον ἀπεφάσισε τὴν κατασκευὴν νέου σχολικοῦ κτιρίου.

ΒΑΘΥΛΑΚΚΟΣ, 4. — Τὸ κοινοτικὸν συμβούλιον ἀπεφάσισε τὴν κατασκευὴν νέου σχολικοῦ κτιρίου.

ΒΑΘΥΛΑΚΚΟΣ, 4. — Τὸ κοινοτικὸν συμβούλιον ἀπεφάσισε τὴν κατασκευὴν νέου σχολικοῦ κτιρίου.

Ο κ. ΤΖΩΝΣΟΝ ΠΑΡΕΣΧΕ ΔΙΑΒΕΒΑΙΩΣΕΙΣ ΟΤΙ ΘΑ ΕΞΕΥΡΕΘΟΥΝ ΑΛΛΑΙ ΜΟΡΦΑΙ ΠΑΡΟΧΗΣ ΑΠΟΤΕΛΕΣΜΑΤΙΚΗΣ ΒΟΗΘΕΙΑΣ ΑΝΑΓΡΑΦΕΙ Ο ΑΜΕΡΙΚΑΝΙΚΟΣ ΤΥΠΟΣ
Διετυπώθησαν ὑπὸ τῶν ἁρμοδίων παράπονα διὰ τὴν καλυτέραν μεταχείρισιν τῆς Τουρκίας

ΝΕΑ ΥΟΡΚΗ, 4. (Ἀθην. Πρακτ.). — Ὑπὸ τὸν τίτλον «Ὁ κ. Τζώνσον παρέχει διαβεβαιώσεις πρὸς τὴν Ἑλλάδα», ὁ ἀμερικανικὸς τύπος γράφει ὅτι ὁ Πρόεδρος ἐβεβαίωσε τὸν Ἕλληνα πρωθυπουργὸν ὅτι θὰ ἐξευρεθοῦν ἄλλαι μορφαὶ παροχῆς ἀποτελεσματικῆς βοηθείας.

Οἱ Ἕλληνες ἐκπρόσωποι διετύπωσαν παράπονα διὰ τὴν καλυτέραν μεταχείρισιν τῆς Τουρκίας εἰς τὸν τομέα τῆς στρατιωτικῆς καὶ οἰκονομικῆς βοηθείας.

ΝΕΑ ΥΟΡΚΗ, 4. (Ἀθην. Πρακτ.). — Ὑπὸ τὸν τίτλον «Ὁ κ. Τζώνσον παρέχει διαβεβαιώσεις πρὸς τὴν Ἑλλάδα», ὁ ἀμερικανικὸς τύπος γράφει ὅτι ὁ Πρόεδρος ἐβεβαίωσε τὸν Ἕλληνα πρωθυπουργὸν ὅτι θὰ ἐξευρεθοῦν ἄλλαι μορφαὶ παροχῆς ἀποτελεσματικῆς βοηθείας.

ΔΙΑΤΥΠΩΣΙΣ ΠΑΡΑΠΟΝΑ

Οἱ Ἕλληνες ἐκπρόσωποι διετύπωσαν παράπονα διὰ τὴν καλυτέραν μεταχείρισιν τῆς Τουρκίας εἰς τὸν τομέα τῆς στρατιωτικῆς καὶ οἰκονομικῆς βοηθείας.

ΝΕΑ ΥΟΡΚΗ, 4. (Ἀθην. Πρακτ.). — Ὑπὸ τὸν τίτλον «Ὁ κ. Τζώνσον παρέχει διαβεβαιώσεις πρὸς τὴν Ἑλλάδα», ὁ ἀμερικανικὸς τύπος γράφει ὅτι ὁ Πρόεδρος ἐβεβαίωσε τὸν Ἕλληνα πρωθυπουργὸν ὅτι θὰ ἐξευρεθοῦν ἄλλαι μορφαὶ παροχῆς ἀποτελεσματικῆς βοηθείας.

Κατὰ τὰς συνομιλίας ἐθίγη καὶ τὸ Μακεδονικὸν ζήτημα. Ἡ ἑλληνικὴ πλευρὰ ἐξέθεσε τὰς ἀπόψεις της.

ΤΟ ΜΑΚΕΔΟΝΙΚΟΝ

Κατὰ τὰς συνομιλίας ἐθίγη καὶ τὸ Μακεδονικὸν ζήτημα. Ἡ ἑλληνικὴ πλευρὰ ἐξέθεσε τὰς ἀπόψεις της.

Οἱ Ἕλληνες ἐκπρόσωποι διετύπωσαν παράπονα διὰ τὴν καλυτέραν μεταχείρισιν τῆς Τουρκίας εἰς τὸν τομέα τῆς στρατιωτικῆς καὶ οἰκονομικῆς βοηθείας.

ΝΕΑ ΥΟΡΚΗ, 4. (Ἀθην. Πρακτ.). — Ὑπὸ τὸν τίτλον «Ὁ κ. Τζώνσον παρέχει διαβεβαιώσεις πρὸς τὴν Ἑλλάδα», ὁ ἀμερικανικὸς τύπος γράφει ὅτι ὁ Πρόεδρος ἐβεβαίωσε τὸν Ἕλληνα πρωθυπουργὸν ὅτι θὰ ἐξευρεθοῦν ἄλλαι μορφαὶ παροχῆς ἀποτελεσματικῆς βοηθείας.

Οἱ Ἕλληνες ἐκπρόσωποι διετύπωσαν παράπονα διὰ τὴν καλυτέραν μεταχείρισιν τῆς Τουρκίας εἰς τὸν τομέα τῆς στρατιωτικῆς καὶ οἰκονομικῆς βοηθείας.

ΝΕΑ ΥΟΡΚΗ, 4. (Ἀθην. Πρακτ.). — Ὑπὸ τὸν τίτλον «Ὁ κ. Τζώνσον παρέχει διαβεβαιώσεις πρὸς τὴν Ἑλλάδα», ὁ ἀμερικανικὸς τύπος γράφει ὅτι ὁ Πρόεδρος ἐβεβαίωσε τὸν Ἕλληνα πρωθυπουργὸν ὅτι θὰ ἐξευρεθοῦν ἄλλαι μορφαὶ παροχῆς ἀποτελεσματικῆς βοηθείας.

Κατὰ τὰς συνομιλίας ἐθίγη καὶ τὸ Μακεδονικὸν ζήτημα. Ἡ ἑλληνικὴ πλευρὰ ἐξέθεσε τὰς ἀπόψεις της.

Οἱ Ἕλληνες ἐκπρόσωποι διετύπωσαν παράπονα διὰ τὴν καλυτέραν μεταχείρισιν τῆς Τουρκίας εἰς τὸν τομέα τῆς στρατιωτικῆς καὶ οἰκονομικῆς βοηθείας.

ΝΕΑ ΥΟΡΚΗ, 4. (Ἀθην. Πρακτ.). — Ὑπὸ τὸν τίτλον «Ὁ κ. Τζώνσον παρέχει διαβεβαιώσεις πρὸς τὴν Ἑλλάδα», ὁ ἀμερικανικὸς τύπος γράφει ὅτι ὁ Πρόεδρος ἐβεβαίωσε τὸν Ἕλληνα πρωθυπουργὸν ὅτι θὰ ἐξευρεθοῦν ἄλλαι μορφαὶ παροχῆς ἀποτελεσματικῆς βοηθείας.

ΠΑΡΑΜΟΡΦΩΣΙΣ ΖΗΤΕΙ

ΟΥΑΣΙΓΚΤΩΝ, 4. (Ἀθην. Πρακτ.). — Αἱ ἑλληνοαμερικανικαὶ σχέσεις εἰσέρχονται εἰς ἀκανθώδη φάσιν, σημειώνει ἀμερικανικὴ ἐφημερίς.

Οἱ Ἕλληνες ἐκπρόσωποι διετύπωσαν παράπονα διὰ τὴν καλυτέραν μεταχείρισιν τῆς Τουρκίας εἰς τὸν τομέα τῆς στρατιωτικῆς καὶ οἰκονομικῆς βοηθείας.

Κατὰ τὰς συνομιλίας ἐθίγη καὶ τὸ Μακεδονικὸν ζήτημα. Ἡ ἑλληνικὴ πλευρὰ ἐξέθεσε τὰς ἀπόψεις της.

Κατὰ τὰς συνομιλίας ἐθίγη καὶ τὸ Μακεδονικὸν ζήτημα. Ἡ ἑλληνικὴ πλευρὰ ἐξέθεσε τὰς ἀπόψεις της.

ΝΕΑ ΥΟΡΚΗ, 4. (Ἀθην. Πρακτ.). — Ὑπὸ τὸν τίτλον «Ὁ κ. Τζώνσον παρέχει διαβεβαιώσεις πρὸς τὴν Ἑλλάδα», ὁ ἀμερικανικὸς τύπος γράφει ὅτι ὁ Πρόεδρος ἐβεβαίωσε τὸν Ἕλληνα πρωθυπουργὸν ὅτι θὰ ἐξευρεθοῦν ἄλλαι μορφαὶ παροχῆς ἀποτελεσματικῆς βοηθείας.

ΑΚΑΝΘΩΔΗΣ ΦΑΣΙΣ

ΟΥΑΣΙΓΚΤΩΝ, 4. (Ἀθην. Πρακτ.). — Αἱ ἑλληνοαμερικανικαὶ σχέσεις εἰσέρχονται εἰς ἀκανθώδη φάσιν, σημειώνει ἀμερικανικὴ ἐφημερίς.

Οἱ Ἕλληνες ἐκπρόσωποι διετύπωσαν παράπονα διὰ τὴν καλυτέραν μεταχείρισιν τῆς Τουρκίας εἰς τὸν τομέα τῆς στρατιωτικῆς καὶ οἰκονομικῆς βοηθείας.

ΝΕΑ ΥΟΡΚΗ, 4. (Ἀθην. Πρακτ.). — Ὑπὸ τὸν τίτλον «Ὁ κ. Τζώνσον παρέχει διαβεβαιώσεις πρὸς τὴν Ἑλλάδα», ὁ ἀμερικανικὸς τύπος γράφει ὅτι ὁ Πρόεδρος ἐβεβαίωσε τὸν Ἕλληνα πρωθυπουργὸν ὅτι θὰ ἐξευρεθοῦν ἄλλαι μορφαὶ παροχῆς ἀποτελεσματικῆς βοηθείας.

Κατὰ τὰς συνομιλίας ἐθίγη καὶ τὸ Μακεδονικὸν ζήτημα. Ἡ ἑλληνικὴ πλευρὰ ἐξέθεσε τὰς ἀπόψεις της.

ΟΥΑΣΙΓΚΤΩΝ, 4. (Ἀθην. Πρακτ.). — Αἱ ἑλληνοαμερικανικαὶ σχέσεις εἰσέρχονται εἰς ἀκανθώδη φάσιν, σημειώνει ἀμερικανικὴ ἐφημερίς.

Οἱ Ἕλληνες ἐκπρόσωποι διετύπωσαν παράπονα διὰ τὴν καλυτέραν μεταχείρισιν τῆς Τουρκίας εἰς τὸν τομέα τῆς στρατιωτικῆς καὶ οἰκονομικῆς βοηθείας.

Ο κ. ΤΖΩΝΣΟΝ ΕΥΧΑΡΙΣΤΕΙ ΔΙΑ ΤΗΝ ΥΠΟΔΟΧΗΝ ΚΑΙ ΤΑΣ ΕΚΔΗΛΩΣΕΙΣ ΕΠΙΣΗΜΩΝ ΚΑΙ ΛΑΟΥ

ΕΛΛΗΝ. ΣΥΝΕΧΕΙΑ

ΣΥΝΕΧΕΙΑ ἐκ τῆς 1ης σελίδος. Ὁ Πρόεδρος Τζώνσον ηὐχαρίστησε θερμῶς διὰ τὴν ὑποδοχὴν καὶ τὰς ἐκδηλώσεις τῶν ἐπισήμων καὶ τοῦ λαοῦ.

ΑΘΗΝΑΙ, 4. — Ἐπὶ τῆς ὁδοῦ Πανεπιστημίου ἀνεγράφη ἀντιαμερικανικὴ ἐπιγραφὴ ἡ ὁποία ἀπηλείφθη ὑπὸ τῆς ἀστυνομίας.

ΟΥΑΣΙΓΚΤΩΝ, 4. (Ἀθην. Πρακτ.). — Ἐντονος πίεσις ἀσκεῖται ὑπὸ τῶν Ἡνωμένων Πολιτειῶν διὰ τὴν ἐξεύρεσιν λύσεως εἰς τὸ Κυπριακόν.

ΣΥΝΕΧΕΙΑ ἐκ τῆς 1ης σελίδος. Ὁ Πρόεδρος Τζώνσον ηὐχαρίστησε θερμῶς διὰ τὴν ὑποδοχὴν καὶ τὰς ἐκδηλώσεις τῶν ἐπισήμων καὶ τοῦ λαοῦ.

Ὑπῆρξεν ἀδιέξοδον εἰς τὰς συνομιλίας ἐπὶ τοῦ ζητήματος τῆς στρατιωτικῆς βοηθείας. Ὁ κ. Καραμανλῆς ἀπήντησεν εἰς τὰς δηλώσεις τοῦ Προέδρου.

ΑΘΗΝΑΙ, 4. — Ἐπὶ τῆς ὁδοῦ Πανεπιστημίου ἀνεγράφη ἀντιαμερικανικὴ ἐπιγραφὴ ἡ ὁποία ἀπηλείφθη ὑπὸ τῆς ἀστυνομίας.

ΟΥΑΣΙΓΚΤΩΝ, 4. (Ἀθην. Πρακτ.). — Ἐντονος πίεσις ἀσκεῖται ὑπὸ τῶν Ἡνωμένων Πολιτειῶν διὰ τὴν ἐξεύρεσιν λύσεως εἰς τὸ Κυπριακόν.

ΣΥΝΕΧΕΙΑ ἐκ τῆς 1ης σελίδος. Ὁ Πρόεδρος Τζώνσον ηὐχαρίστησε θερμῶς διὰ τὴν ὑποδοχὴν καὶ τὰς ἐκδηλώσεις τῶν ἐπισήμων καὶ τοῦ λαοῦ.

Η ΑΠΑΝΤΗΣΙΣ ΤΟΥ κ. ΚΑΡΑΜΑΝΛΗ

Ὑπῆρξεν ἀδιέξοδον εἰς τὰς συνομιλίας ἐπὶ τοῦ ζητήματος τῆς στρατιωτικῆς βοηθείας. Ὁ κ. Καραμανλῆς ἀπήντησεν εἰς τὰς δηλώσεις τοῦ Προέδρου.

ΑΘΗΝΑΙ, 4. — Ἐπὶ τῆς ὁδοῦ Πανεπιστημίου ἀνεγράφη ἀντιαμερικανικὴ ἐπιγραφὴ ἡ ὁποία ἀπηλείφθη ὑπὸ τῆς ἀστυνομίας.

ΟΥΑΣΙΓΚΤΩΝ, 4. (Ἀθην. Πρακτ.). — Ἐντονος πίεσις ἀσκεῖται ὑπὸ τῶν Ἡνωμένων Πολιτειῶν διὰ τὴν ἐξεύρεσιν λύσεως εἰς τὸ Κυπριακόν.

ΣΥΝΕΧΕΙΑ ἐκ τῆς 1ης σελίδος. Ὁ Πρόεδρος Τζώνσον ηὐχαρίστησε θερμῶς διὰ τὴν ὑποδοχὴν καὶ τὰς ἐκδηλώσεις τῶν ἐπισήμων καὶ τοῦ λαοῦ.

Ὑπῆρξεν ἀδιέξοδον εἰς τὰς συνομιλίας ἐπὶ τοῦ ζητήματος τῆς στρατιωτικῆς βοηθείας. Ὁ κ. Καραμανλῆς ἀπήντησεν εἰς τὰς δηλώσεις τοῦ Προέδρου.

ΑΘΗΝΑΙ, 4. — Ἐπὶ τῆς ὁδοῦ Πανεπιστημίου ἀνεγράφη ἀντιαμερικανικὴ ἐπιγραφὴ ἡ ὁποία ἀπηλείφθη ὑπὸ τῆς ἀστυνομίας.

ΣΥΝΕΧΕΙΑ ἐκ τῆς 1ης σελίδος. Ὁ Πρόεδρος Τζώνσον ηὐχαρίστησε θερμῶς διὰ τὴν ὑποδοχὴν καὶ τὰς ἐκδηλώσεις τῶν ἐπισήμων καὶ τοῦ λαοῦ.

ΑΝΤΙΑΜΕΡΙΚΑΝΙΚΗ ΕΠΙΓΡΑΦΗ

ΑΘΗΝΑΙ, 4. — Ἐπὶ τῆς ὁδοῦ Πανεπιστημίου ἀνεγράφη ἀντιαμερικανικὴ ἐπιγραφὴ ἡ ὁποία ἀπηλείφθη ὑπὸ τῆς ἀστυνομίας.

ΕΝΤΟΝΟΣ ΠΙΕΣΙΣ

ΟΥΑΣΙΓΚΤΩΝ, 4. (Ἀθην. Πρακτ.). — Ἐντονος πίεσις ἀσκεῖται ὑπὸ τῶν Ἡνωμένων Πολιτειῶν διὰ τὴν ἐξεύρεσιν λύσεως εἰς τὸ Κυπριακόν.

ΣΥΝΕΧΕΙΑ ἐκ τῆς 1ης σελίδος. Ὁ Πρόεδρος Τζώνσον ηὐχαρίστησε θερμῶς διὰ τὴν ὑποδοχὴν καὶ τὰς ἐκδηλώσεις τῶν ἐπισήμων καὶ τοῦ λαοῦ.

Ὑπῆρξεν ἀδιέξοδον εἰς τὰς συνομιλίας ἐπὶ τοῦ ζητήματος τῆς στρατιωτικῆς βοηθείας. Ὁ κ. Καραμανλῆς ἀπήντησεν εἰς τὰς δηλώσεις τοῦ Προέδρου.

ΑΘΗΝΑΙ, 4. — Ἐπὶ τῆς ὁδοῦ Πανεπιστημίου ἀνεγράφη ἀντιαμερικανικὴ ἐπιγραφὴ ἡ ὁποία ἀπηλείφθη ὑπὸ τῆς ἀστυνομίας.

ΟΥΑΣΙΓΚΤΩΝ, 4. (Ἀθην. Πρακτ.). — Ἐντονος πίεσις ἀσκεῖται ὑπὸ τῶν Ἡνωμένων Πολιτειῶν διὰ τὴν ἐξεύρεσιν λύσεως εἰς τὸ Κυπριακόν.

ΣΥΝΕΧΕΙΑ ἐκ τῆς 1ης σελίδος. Ὁ Πρόεδρος Τζώνσον ηὐχαρίστησε θερμῶς διὰ τὴν ὑποδοχὴν καὶ τὰς ἐκδηλώσεις τῶν ἐπισήμων καὶ τοῦ λαοῦ.

Ὑπῆρξεν ἀδιέξοδον εἰς τὰς συνομιλίας ἐπὶ τοῦ ζητήματος τῆς στρατιωτικῆς βοηθείας. Ὁ κ. Καραμανλῆς ἀπήντησεν εἰς τὰς δηλώσεις τοῦ Προέδρου.

ΑΘΗΝΑΙ, 4. — Ἐπὶ τῆς ὁδοῦ Πανεπιστημίου ἀνεγράφη ἀντιαμερικανικὴ ἐπιγραφὴ ἡ ὁποία ἀπηλείφθη ὑπὸ τῆς ἀστυνομίας.

ΟΥΑΣΙΓΚΤΩΝ, 4. (Ἀθην. Πρακτ.). — Ἐντονος πίεσις ἀσκεῖται ὑπὸ τῶν Ἡνωμένων Πολιτειῶν διὰ τὴν ἐξεύρεσιν λύσεως εἰς τὸ Κυπριακόν.

ΣΥΝΕΧΕΙΑ ἐκ τῆς 1ης σελίδος. Ὁ Πρόεδρος Τζώνσον ηὐχαρίστησε θερμῶς διὰ τὴν ὑποδοχὴν καὶ τὰς ἐκδηλώσεις τῶν ἐπισήμων καὶ τοῦ λαοῦ.

Ὑπῆρξεν ἀδιέξοδον εἰς τὰς συνομιλίας ἐπὶ τοῦ ζητήματος τῆς στρατιωτικῆς βοηθείας. Ὁ κ. Καραμανλῆς ἀπήντησεν εἰς τὰς δηλώσεις τοῦ Προέδρου.

ΑΘΗΝΑΙ, 4. — Ἐπὶ τῆς ὁδοῦ Πανεπιστημίου ἀνεγράφη ἀντιαμερικανικὴ ἐπιγραφὴ ἡ ὁποία ἀπηλείφθη ὑπὸ τῆς ἀστυνομίας.

ΟΥΑΣΙΓΚΤΩΝ, 4. (Ἀθην. Πρακτ.). — Ἐντονος πίεσις ἀσκεῖται ὑπὸ τῶν Ἡνωμένων Πολιτειῶν διὰ τὴν ἐξεύρεσιν λύσεως εἰς τὸ Κυπριακόν.

ΣΥΝΕΧΕΙΑ ἐκ τῆς 1ης σελίδος. Ὁ Πρόεδρος Τζώνσον ηὐχαρίστησε θερμῶς διὰ τὴν ὑποδοχὴν καὶ τὰς ἐκδηλώσεις τῶν ἐπισήμων καὶ τοῦ λαοῦ.

ΥΠΗΡΞΕΝ ΑΔΙΕΞΟΔΟΝ

Ὑπῆρξεν ἀδιέξοδον εἰς τὰς συνομιλίας ἐπὶ τοῦ ζητήματος τῆς στρατιωτικῆς βοηθείας. Ὁ κ. Καραμανλῆς ἀπήντησεν εἰς τὰς δηλώσεις τοῦ Προέδρου.

ΑΘΗΝΑΙ, 4. — Ἐπὶ τῆς ὁδοῦ Πανεπιστημίου ἀνεγράφη ἀντιαμερικανικὴ ἐπιγραφὴ ἡ ὁποία ἀπηλείφθη ὑπὸ τῆς ἀστυνομίας.

ΟΥΑΣΙΓΚΤΩΝ, 4. (Ἀθην. Πρακτ.). — Ἐντονος πίεσις ἀσκεῖται ὑπὸ τῶν Ἡνωμένων Πολιτειῶν διὰ τὴν ἐξεύρεσιν λύσεως εἰς τὸ Κυπριακόν.

ΣΥΝΕΧΕΙΑ ἐκ τῆς 1ης σελίδος. Ὁ Πρόεδρος Τζώνσον ηὐχαρίστησε θερμῶς διὰ τὴν ὑποδοχὴν καὶ τὰς ἐκδηλώσεις τῶν ἐπισήμων καὶ τοῦ λαοῦ.

Ὑπῆρξεν ἀδιέξοδον εἰς τὰς συνομιλίας ἐπὶ τοῦ ζητήματος τῆς στρατιωτικῆς βοηθείας. Ὁ κ. Καραμανλῆς ἀπήντησεν εἰς τὰς δηλώσεις τοῦ Προέδρου.

ΑΘΗΝΑΙ, 4. — Ἐπὶ τῆς ὁδοῦ Πανεπιστημίου ἀνεγράφη ἀντιαμερικανικὴ ἐπιγραφὴ ἡ ὁποία ἀπηλείφθη ὑπὸ τῆς ἀστυνομίας.

ΟΥΑΣΙΓΚΤΩΝ, 4. (Ἀθην. Πρακτ.). — Ἐντονος πίεσις ἀσκεῖται ὑπὸ τῶν Ἡνωμένων Πολιτειῶν διὰ τὴν ἐξεύρεσιν λύσεως εἰς τὸ Κυπριακόν.

ΣΥΝΕΧΕΙΑ ἐκ τῆς 1ης σελίδος. Ὁ Πρόεδρος Τζώνσον ηὐχαρίστησε θερμῶς διὰ τὴν ὑποδοχὴν καὶ τὰς ἐκδηλώσεις τῶν ἐπισήμων καὶ τοῦ λαοῦ.

Ὑπῆρξεν ἀδιέξοδον εἰς τὰς συνομιλίας ἐπὶ τοῦ ζητήματος τῆς στρατιωτικῆς βοηθείας. Ὁ κ. Καραμανλῆς ἀπήντησεν εἰς τὰς δηλώσεις τοῦ Προέδρου.

ΑΘΗΝΑΙ, 4. — Ἐπὶ τῆς ὁδοῦ Πανεπιστημίου ἀνεγράφη ἀντιαμερικανικὴ ἐπιγραφὴ ἡ ὁποία ἀπηλείφθη ὑπὸ τῆς ἀστυνομίας.

ΟΥΑΣΙΓΚΤΩΝ, 4. (Ἀθην. Πρακτ.). — Ἐντονος πίεσις ἀσκεῖται ὑπὸ τῶν Ἡνωμένων Πολιτειῶν διὰ τὴν ἐξεύρεσιν λύσεως εἰς τὸ Κυπριακόν.

ΣΥΝΕΧΕΙΑ ἐκ τῆς 1ης σελίδος. Ὁ Πρόεδρος Τζώνσον ηὐχαρίστησε θερμῶς διὰ τὴν ὑποδοχὴν καὶ τὰς ἐκδηλώσεις τῶν ἐπισήμων καὶ τοῦ λαοῦ.

ΑΥΣΤΗΡΑ ΠΡΟΕΙΔΟΠΟΙΗΣΙΣ ΤΩΝ Η.Π.Α. ΠΡΟΣ ΤΗΝ ΣΟΒ. ΕΝΩΣΙΝ ΚΑΙ ΤΗΝ ΚΟΥΒΑΝ ΔΙΑ ΤΑΣ ΠΟΛΕΜΙΚΑΣ ΠΡΟΠΑΡΑΣΚΕΥΑΣ

ΟΥΑΣΙΓΚΤΩΝ, 4. (Ἀσσ. Πρές). — Ὁ Πρόεδρος Κέννεντυ προειδοποίησε τὴν Σοβιετικὴν Ἕνωσιν ὅτι αἱ Ἡνωμέναι Πολιτεῖαι θὰ λάβουν πάντα τὰ ἀναγκαῖα μέτρα διὰ τὴν προστασίαν τῆς ἀσφαλείας των.

Ὁ Λευκὸς Οἶκος ἀνεκοίνωσεν ὅτι παρακολουθεῖ ἀγρύπνως τὰς πολεμικὰς προπαρασκευὰς εἰς τὴν Κούβαν.

ΟΥΑΣΙΓΚΤΩΝ, 4. (Ἀσσ. Πρές). — Ὁ Πρόεδρος Κέννεντυ προειδοποίησε τὴν Σοβιετικὴν Ἕνωσιν ὅτι αἱ Ἡνωμέναι Πολιτεῖαι θὰ λάβουν πάντα τὰ ἀναγκαῖα μέτρα διὰ τὴν προστασίαν τῆς ἀσφαλείας των.

Ὁ Λευκὸς Οἶκος ἀνεκοίνωσεν ὅτι παρακολουθεῖ ἀγρύπνως τὰς πολεμικὰς προπαρασκευὰς εἰς τὴν Κούβαν.

ΟΥΑΣΙΓΚΤΩΝ, 4. (Ἀσσ. Πρές). — Ὁ Πρόεδρος Κέννεντυ προειδοποίησε τὴν Σοβιετικὴν Ἕνωσιν ὅτι αἱ Ἡνωμέναι Πολιτεῖαι θὰ λάβουν πάντα τὰ ἀναγκαῖα μέτρα διὰ τὴν προστασίαν τῆς ἀσφαλείας των.

Ὁ Λευκὸς Οἶκος ἀνεκοίνωσεν ὅτι παρακολουθεῖ ἀγρύπνως τὰς πολεμικὰς προπαρασκευὰς εἰς τὴν Κούβαν.

Ὁ Λευκὸς Οἶκος ἀνεκοίνωσεν ὅτι παρακολουθεῖ ἀγρύπνως τὰς πολεμικὰς προπαρασκευὰς εἰς τὴν Κούβαν.

ΟΥΑΣΙΓΚΤΩΝ, 4. (Ἀσσ. Πρές). — Ὁ Πρόεδρος Κέννεντυ προειδοποίησε τὴν Σοβιετικὴν Ἕνωσιν ὅτι αἱ Ἡνωμέναι Πολιτεῖαι θὰ λάβουν πάντα τὰ ἀναγκαῖα μέτρα διὰ τὴν προστασίαν τῆς ἀσφαλείας των.

Ὁ Λευκὸς Οἶκος ἀνεκοίνωσεν ὅτι παρακολουθεῖ ἀγρύπνως τὰς πολεμικὰς προπαρασκευὰς εἰς τὴν Κούβαν.

ΟΥΑΣΙΓΚΤΩΝ, 4. (Ἀσσ. Πρές). — Ὁ Πρόεδρος Κέννεντυ προειδοποίησε τὴν Σοβιετικὴν Ἕνωσιν ὅτι αἱ Ἡνωμέναι Πολιτεῖαι θὰ λάβουν πάντα τὰ ἀναγκαῖα μέτρα διὰ τὴν προστασίαν τῆς ἀσφαλείας των.

Ὁ Λευκὸς Οἶκος ἀνεκοίνωσεν ὅτι παρακολουθεῖ ἀγρύπνως τὰς πολεμικὰς προπαρασκευὰς εἰς τὴν Κούβαν.

ΟΥΑΣΙΓΚΤΩΝ, 4. (Ἀσσ. Πρές). — Ὁ Πρόεδρος Κέννεντυ προειδοποίησε τὴν Σοβιετικὴν Ἕνωσιν ὅτι αἱ Ἡνωμέναι Πολιτεῖαι θὰ λάβουν πάντα τὰ ἀναγκαῖα μέτρα διὰ τὴν προστασίαν τῆς ἀσφαλείας των.

ΟΥΑΣΙΓΚΤΩΝ, 4. (Ἀσσ. Πρές). — Ὁ Πρόεδρος Κέννεντυ προειδοποίησε τὴν Σοβιετικὴν Ἕνωσιν ὅτι αἱ Ἡνωμέναι Πολιτεῖαι θὰ λάβουν πάντα τὰ ἀναγκαῖα μέτρα διὰ τὴν προστασίαν τῆς ἀσφαλείας των.

Ὁ Λευκὸς Οἶκος ἀνεκοίνωσεν ὅτι παρακολουθεῖ ἀγρύπνως τὰς πολεμικὰς προπαρασκευὰς εἰς τὴν Κούβαν.

ΟΥΑΣΙΓΚΤΩΝ, 4. (Ἀσσ. Πρές). — Ὁ Πρόεδρος Κέννεντυ προειδοποίησε τὴν Σοβιετικὴν Ἕνωσιν ὅτι αἱ Ἡνωμέναι Πολιτεῖαι θὰ λάβουν πάντα τὰ ἀναγκαῖα μέτρα διὰ τὴν προστασίαν τῆς ἀσφαλείας των.

Ὁ Λευκὸς Οἶκος ἀνεκοίνωσεν ὅτι παρακολουθεῖ ἀγρύπνως τὰς πολεμικὰς προπαρασκευὰς εἰς τὴν Κούβαν.

ΟΥΑΣΙΓΚΤΩΝ, 4. (Ἀσσ. Πρές). — Ὁ Πρόεδρος Κέννεντυ προειδοποίησε τὴν Σοβιετικὴν Ἕνωσιν ὅτι αἱ Ἡνωμέναι Πολιτεῖαι θὰ λάβουν πάντα τὰ ἀναγκαῖα μέτρα διὰ τὴν προστασίαν τῆς ἀσφαλείας των.

Ὁ Λευκὸς Οἶκος ἀνεκοίνωσεν ὅτι παρακολουθεῖ ἀγρύπνως τὰς πολεμικὰς προπαρασκευὰς εἰς τὴν Κούβαν.
